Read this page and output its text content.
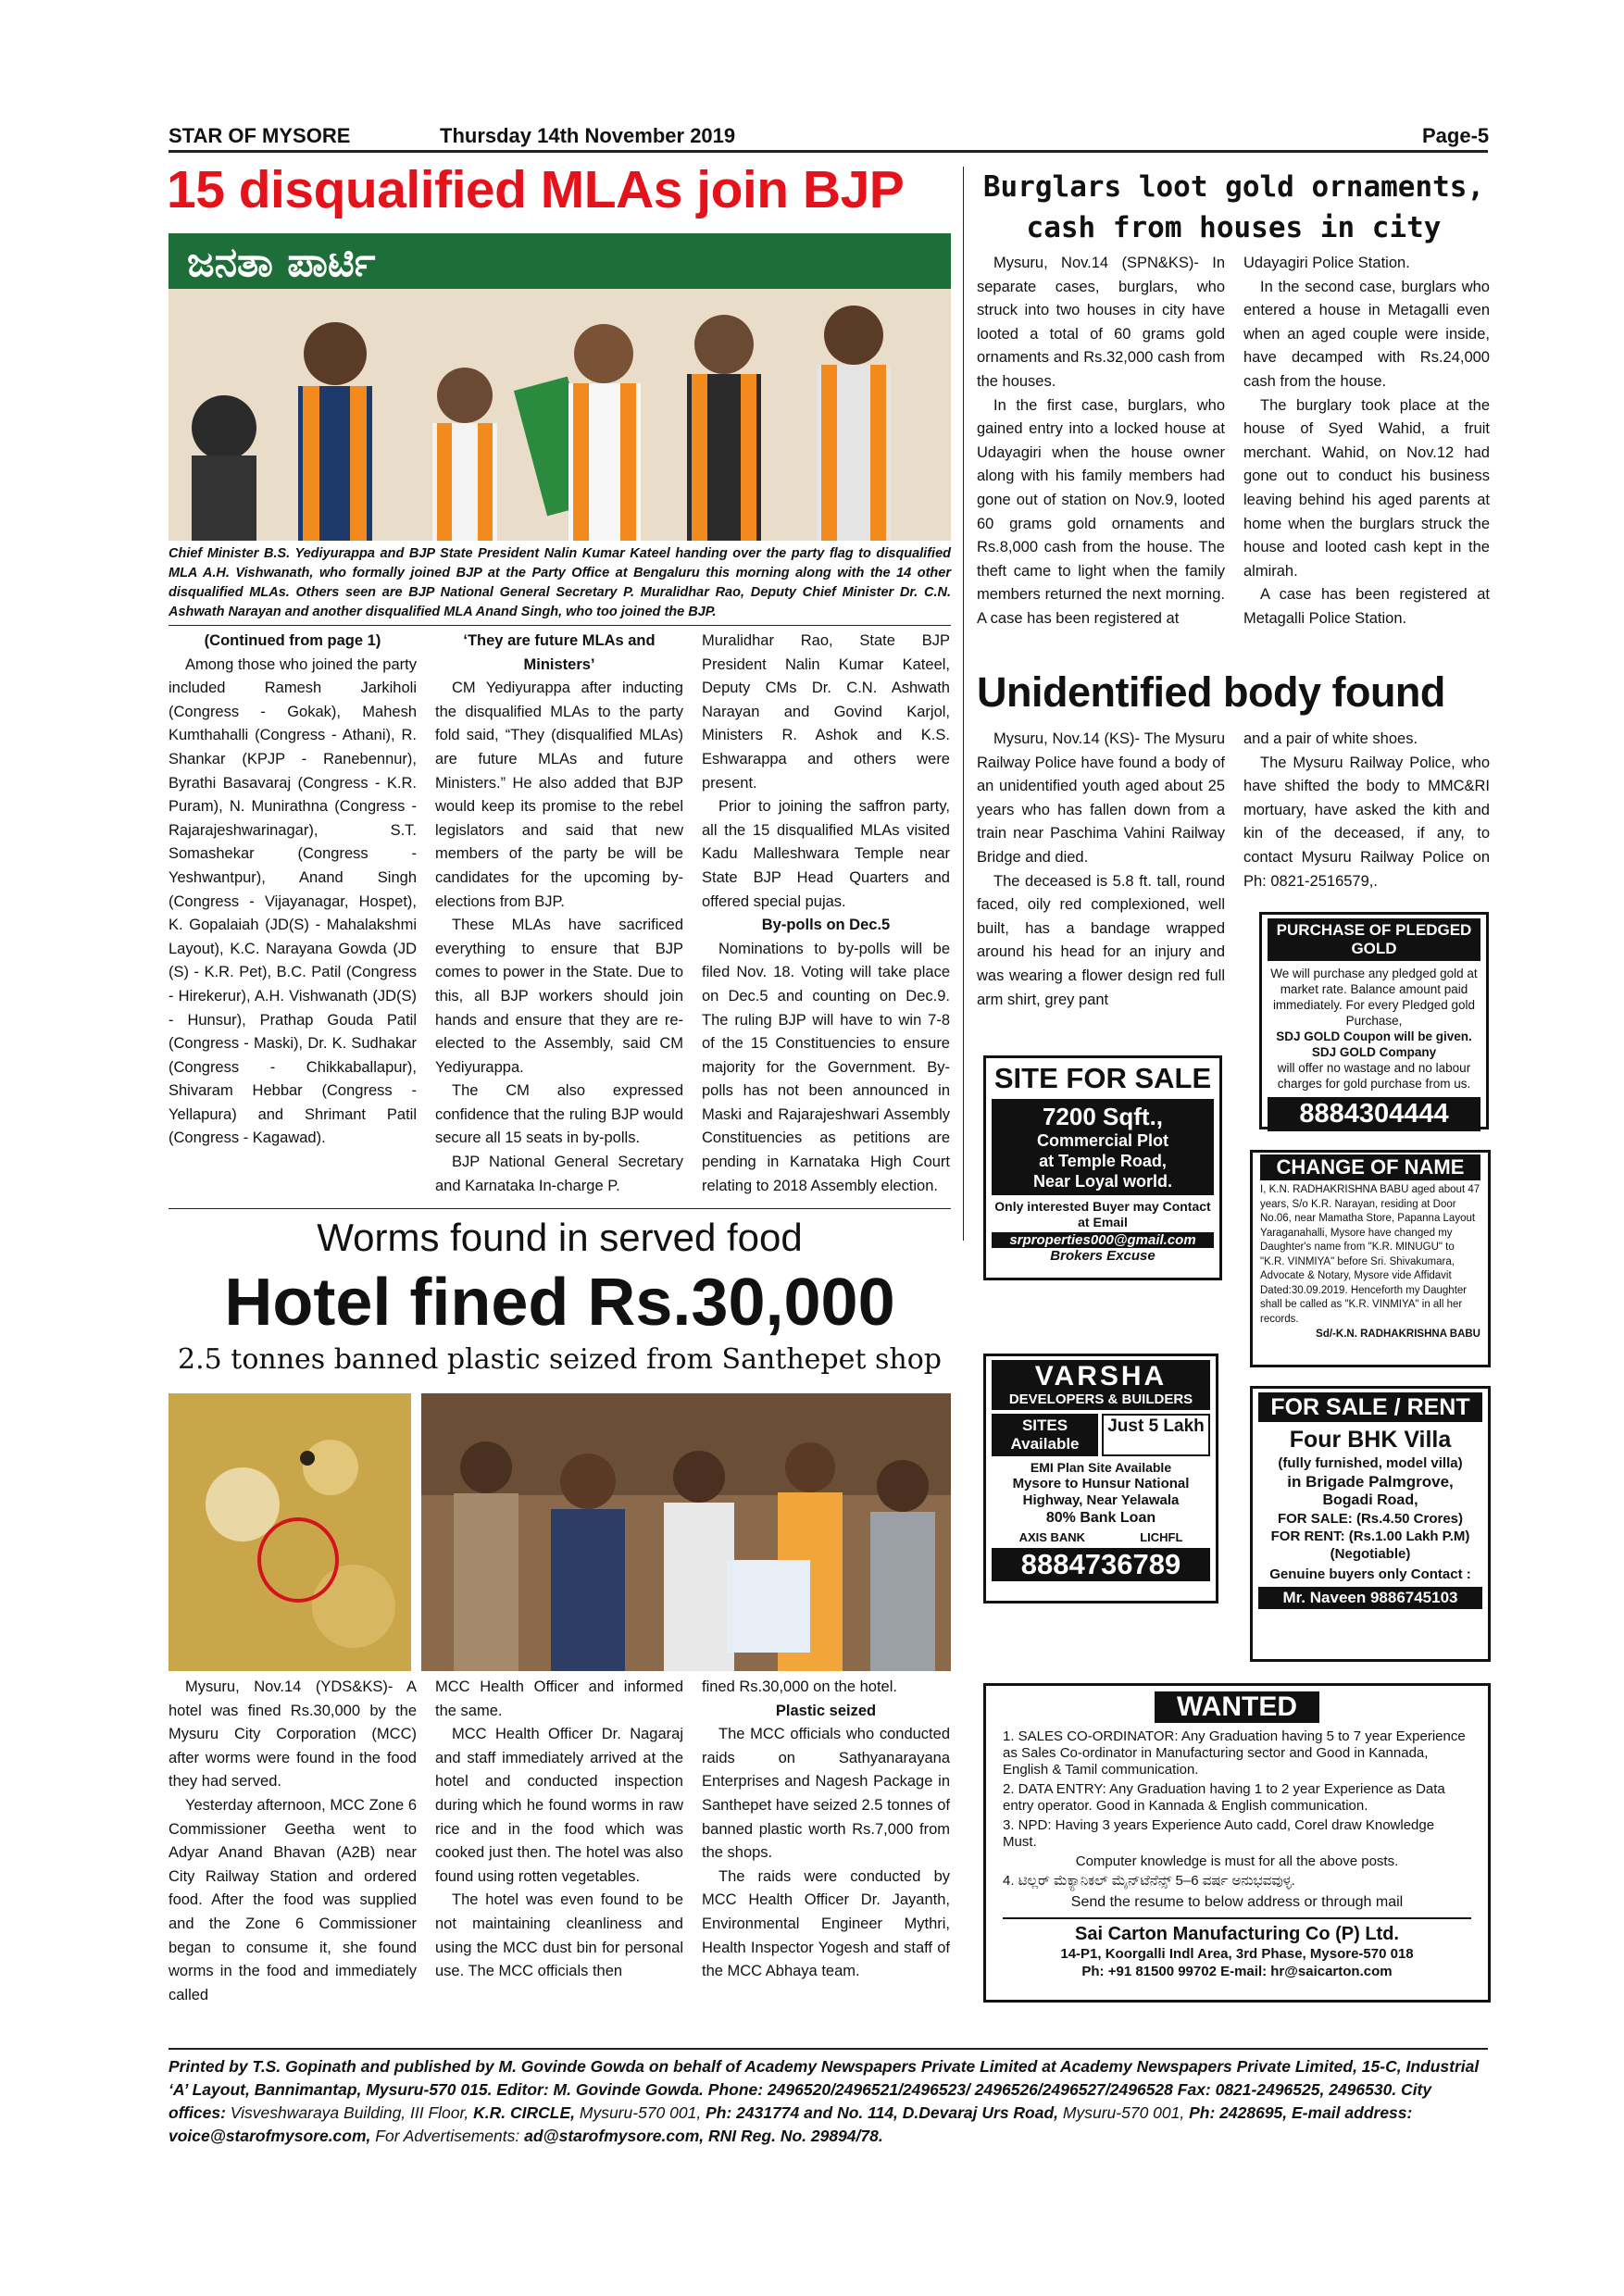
STAR OF MYSORE	Thursday 14th November 2019	Page-5
15 disqualified MLAs join BJP
ಜನತಾ ಪಾರ್ಟಿ
Chief Minister B.S. Yediyurappa and BJP State President Nalin Kumar Kateel handing over the party flag to disqualified MLA A.H. Vishwanath, who formally joined BJP at the Party Office at Bengaluru this morning along with the 14 other disqualified MLAs. Others seen are BJP National General Secretary P. Muralidhar Rao, Deputy Chief Minister Dr. C.N. Ashwath Narayan and another disqualified MLA Anand Singh, who too joined the BJP.

(Continued from page 1)

Among those who joined the party included Ramesh Jarkiholi (Congress - Gokak), Mahesh Kumthahalli (Congress - Athani), R. Shankar (KPJP - Ranebennur), Byrathi Basavaraj (Congress - K.R. Puram), N. Munirathna (Congress - Rajarajeshwarinagar), S.T. Somashekar (Congress - Yeshwantpur), Anand Singh (Congress - Vijayanagar, Hospet), K. Gopalaiah (JD(S) - Mahalakshmi Layout), K.C. Narayana Gowda (JD (S) - K.R. Pet), B.C. Patil (Congress - Hirekerur), A.H. Vishwanath (JD(S) - Hunsur), Prathap Gouda Patil (Congress - Maski), Dr. K. Sudhakar (Congress - Chikkaballapur), Shivaram Hebbar (Congress - Yellapura) and Shrimant Patil (Congress - Kagawad).

‘They are future MLAs and Ministers’

CM Yediyurappa after inducting the disqualified MLAs to the party fold said, “They (disqualified MLAs) are future MLAs and future Ministers.” He also added that BJP would keep its promise to the rebel legislators and said that new members of the party be will be candidates for the upcoming by-elections from BJP.

These MLAs have sacrificed everything to ensure that BJP comes to power in the State. Due to this, all BJP workers should join hands and ensure that they are re-elected to the Assembly, said CM Yediyurappa.

The CM also expressed confidence that the ruling BJP would secure all 15 seats in by-polls.

BJP National General Secretary and Karnataka In-charge P.

Muralidhar Rao, State BJP President Nalin Kumar Kateel, Deputy CMs Dr. C.N. Ashwath Narayan and Govind Karjol, Ministers R. Ashok and K.S. Eshwarappa and others were present.

Prior to joining the saffron party, all the 15 disqualified MLAs visited Kadu Malleshwara Temple near State BJP Head Quarters and offered special pujas.

By-polls on Dec.5

Nominations to by-polls will be filed Nov. 18. Voting will take place on Dec.5 and counting on Dec.9. The ruling BJP will have to win 7-8 of the 15 Constituencies to ensure majority for the Government. By-polls has not been announced in Maski and Rajarajeshwari Assembly Constituencies as petitions are pending in Karnataka High Court relating to 2018 Assembly election.

Burglars loot gold ornaments, cash from houses in city

Mysuru, Nov.14 (SPN&KS)- In separate cases, burglars, who struck into two houses in city have looted a total of 60 grams gold ornaments and Rs.32,000 cash from the houses.

In the first case, burglars, who gained entry into a locked house at Udayagiri when the house owner along with his family members had gone out of station on Nov.9, looted 60 grams gold ornaments and Rs.8,000 cash from the house. The theft came to light when the family members returned the next morning. A case has been registered at

Udayagiri Police Station.

In the second case, burglars who entered a house in Metagalli even when an aged couple were inside, have decamped with Rs.24,000 cash from the house.

The burglary took place at the house of Syed Wahid, a fruit merchant. Wahid, on Nov.12 had gone out to conduct his business leaving behind his aged parents at home when the burglars struck the house and looted cash kept in the almirah.

A case has been registered at Metagalli Police Station.

Unidentified body found

Mysuru, Nov.14 (KS)- The Mysuru Railway Police have found a body of an unidentified youth aged about 25 years who has fallen down from a train near Paschima Vahini Railway Bridge and died.

The deceased is 5.8 ft. tall, round faced, oily red complexioned, well built, has a bandage wrapped around his head for an injury and was wearing a flower design red full arm shirt, grey pant

and a pair of white shoes.

The Mysuru Railway Police, who have shifted the body to MMC&RI mortuary, have asked the kith and kin of the deceased, if any, to contact Mysuru Railway Police on Ph: 0821-2516579,.

PURCHASE OF PLEDGED GOLD
We will purchase any pledged gold at market rate. Balance amount paid immediately. For every Pledged gold Purchase,
SDJ GOLD Coupon will be given. SDJ GOLD Company
will offer no wastage and no labour charges for gold purchase from us.
8884304444
SITE FOR SALE
7200 Sqft.,
Commercial Plot
at Temple Road,
Near Loyal world.
Only interested Buyer may Contact at Email
srproperties000@gmail.com
Brokers Excuse
CHANGE OF NAME
I, K.N. RADHAKRISHNA BABU aged about 47 years, S/o K.R. Narayan, residing at Door No.06, near Mamatha Store, Papanna Layout Yaraganahalli, Mysore have changed my Daughter's name from "K.R. MINUGU" to "K.R. VINMIYA" before Sri. Shivakumara, Advocate & Notary, Mysore vide Affidavit Dated:30.09.2019. Henceforth my Daughter shall be called as "K.R. VINMIYA" in all her records.
Sd/-K.N. RADHAKRISHNA BABU
VARSHA
DEVELOPERS & BUILDERS
SITES Available
Just 5 Lakh
EMI Plan Site Available
Mysore to Hunsur National Highway, Near Yelawala
80% Bank Loan
AXIS BANK	LICHFL
8884736789
FOR SALE / RENT
Four BHK Villa
(fully furnished, model villa)
in Brigade Palmgrove,
Bogadi Road,
FOR SALE: (Rs.4.50 Crores)
FOR RENT: (Rs.1.00 Lakh P.M)
(Negotiable)
Genuine buyers only Contact :
Mr. Naveen 9886745103
Worms found in served food
Hotel fined Rs.30,000
2.5 tonnes banned plastic seized from Santhepet shop

Mysuru, Nov.14 (YDS&KS)- A hotel was fined Rs.30,000 by the Mysuru City Corporation (MCC) after worms were found in the food they had served.

Yesterday afternoon, MCC Zone 6 Commissioner Geetha went to Adyar Anand Bhavan (A2B) near City Railway Station and ordered food. After the food was supplied and the Zone 6 Commissioner began to consume it, she found worms in the food and immediately called

MCC Health Officer and informed the same.

MCC Health Officer Dr. Nagaraj and staff immediately arrived at the hotel and conducted inspection during which he found worms in raw rice and in the food which was cooked just then. The hotel was also found using rotten vegetables.

The hotel was even found to be not maintaining cleanliness and using the MCC dust bin for personal use. The MCC officials then

fined Rs.30,000 on the hotel.

Plastic seized

The MCC officials who conducted raids on Sathyanarayana Enterprises and Nagesh Package in Santhepet have seized 2.5 tonnes of banned plastic worth Rs.7,000 from the shops.

The raids were conducted by MCC Health Officer Dr. Jayanth, Environmental Engineer Mythri, Health Inspector Yogesh and staff of the MCC Abhaya team.

WANTED
1. SALES CO-ORDINATOR: Any Graduation having 5 to 7 year Experience as Sales Co-ordinator in Manufacturing sector and Good in Kannada, English & Tamil communication.
2. DATA ENTRY: Any Graduation having 1 to 2 year Experience as Data entry operator. Good in Kannada & English communication.
3. NPD: Having 3 years Experience Auto cadd, Corel draw Knowledge Must.
Computer knowledge is must for all the above posts.
4. ಟಿಲ್ಲರ್ ಮೆಕ್ಯಾನಿಕಲ್ ಮೈನ್‌ಟೆನೆನ್ಸ್ 5–6 ವರ್ಷ ಅನುಭವವುಳ್ಳ.
Send the resume to below address or through mail
Sai Carton Manufacturing Co (P) Ltd.
14-P1, Koorgalli Indl Area, 3rd Phase, Mysore-570 018
Ph: +91 81500 99702 E-mail: hr@saicarton.com
Printed by T.S. Gopinath and published by M. Govinde Gowda on behalf of Academy Newspapers Private Limited at Academy Newspapers Private Limited, 15-C, Industrial ‘A’ Layout, Bannimantap, Mysuru-570 015. Editor: M. Govinde Gowda. Phone: 2496520/2496521/2496523/ 2496526/2496527/2496528 Fax: 0821-2496525, 2496530. City offices: Visveshwaraya Building, III Floor, K.R. CIRCLE, Mysuru-570 001, Ph: 2431774 and No. 114, D.Devaraj Urs Road, Mysuru-570 001, Ph: 2428695, E-mail address: voice@starofmysore.com, For Advertisements: ad@starofmysore.com, RNI Reg. No. 29894/78.
